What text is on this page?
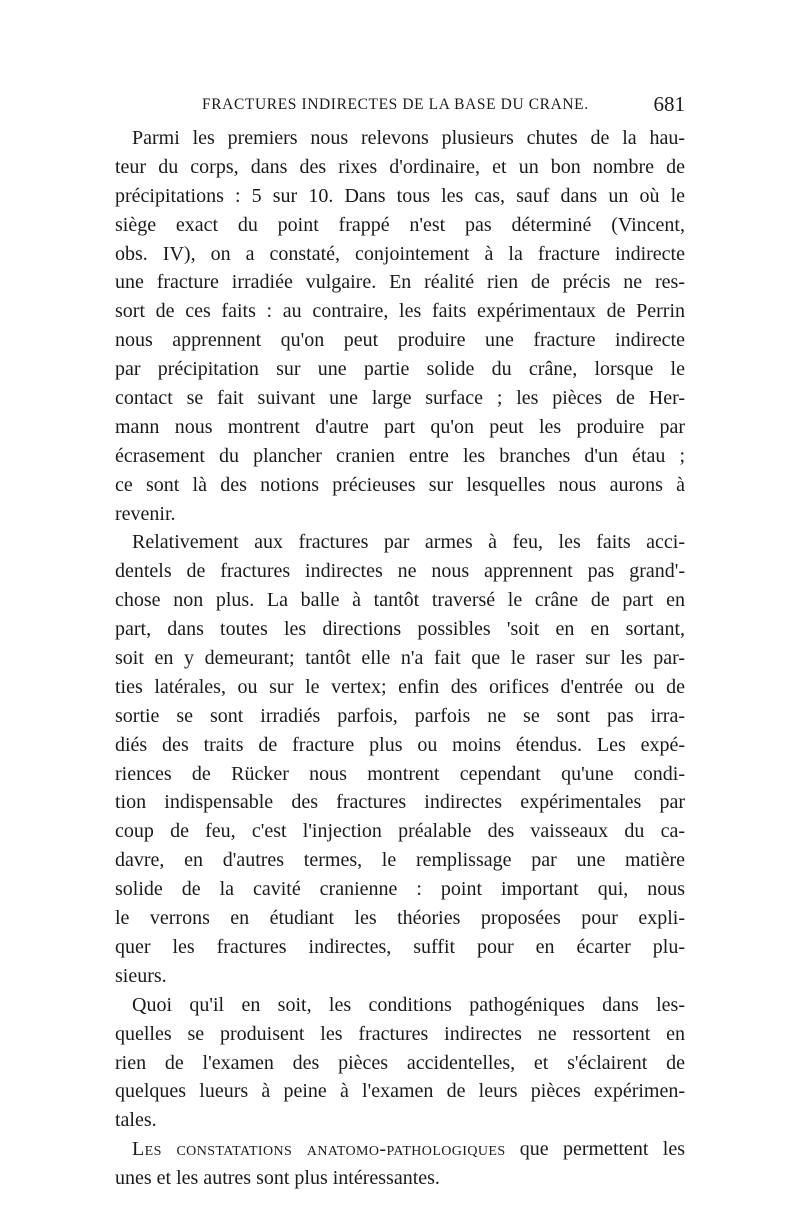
FRACTURES INDIRECTES DE LA BASE DU CRANE.	681
Parmi les premiers nous relevons plusieurs chutes de la hau-
teur du corps, dans des rixes d'ordinaire, et un bon nombre de
précipitations : 5 sur 10. Dans tous les cas, sauf dans un où le
siège exact du point frappé n'est pas déterminé (Vincent,
obs. IV), on a constaté, conjointement à la fracture indirecte
une fracture irradiée vulgaire. En réalité rien de précis ne res-
sort de ces faits : au contraire, les faits expérimentaux de Perrin
nous apprennent qu'on peut produire une fracture indirecte
par précipitation sur une partie solide du crâne, lorsque le
contact se fait suivant une large surface ; les pièces de Her-
mann nous montrent d'autre part qu'on peut les produire par
écrasement du plancher cranien entre les branches d'un étau ;
ce sont là des notions précieuses sur lesquelles nous aurons à
revenir.
Relativement aux fractures par armes à feu, les faits acci-
dentels de fractures indirectes ne nous apprennent pas grand'-
chose non plus. La balle à tantôt traversé le crâne de part en
part, dans toutes les directions possibles 'soit en en sortant,
soit en y demeurant; tantôt elle n'a fait que le raser sur les par-
ties latérales, ou sur le vertex; enfin des orifices d'entrée ou de
sortie se sont irradiés parfois, parfois ne se sont pas irra-
diés des traits de fracture plus ou moins étendus. Les expé-
riences de Rücker nous montrent cependant qu'une condi-
tion indispensable des fractures indirectes expérimentales par
coup de feu, c'est l'injection préalable des vaisseaux du ca-
davre, en d'autres termes, le remplissage par une matière
solide de la cavité cranienne : point important qui, nous
le verrons en étudiant les théories proposées pour expli-
quer les fractures indirectes, suffit pour en écarter plu-
sieurs.
Quoi qu'il en soit, les conditions pathogéniques dans les-
quelles se produisent les fractures indirectes ne ressortent en
rien de l'examen des pièces accidentelles, et s'éclairent de
quelques lueurs à peine à l'examen de leurs pièces expérimen-
tales.
Les constatations anatomo-pathologiques que permettent les
unes et les autres sont plus intéressantes.
